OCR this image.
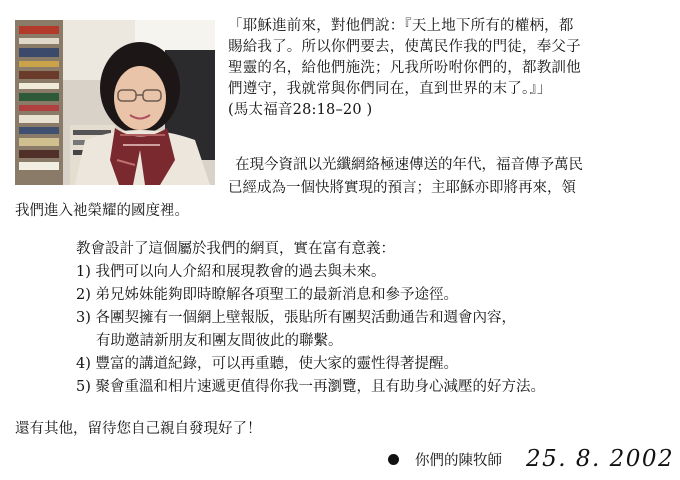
「耶穌進前來，對他們說：『天上地下所有的權柄，都
賜給我了。所以你們要去，使萬民作我的門徒，奉父子
聖靈的名，給他們施洗；凡我所吩咐你們的，都教訓他
們遵守，我就常與你們同在，直到世界的末了。』」
(馬太福音28:18–20 )
在現今資訊以光纖網絡極速傳送的年代，福音傳予萬民
已經成為一個快將實現的預言；主耶穌亦即將再來，領
我們進入祂榮耀的國度裡。
教會設計了這個屬於我們的網頁，實在富有意義：
1) 我們可以向人介紹和展現教會的過去與未來。
2) 弟兄姊妹能夠即時瞭解各項聖工的最新消息和參予途徑。
3) 各團契擁有一個網上壁報版，張貼所有團契活動通告和週會內容，
有助邀請新朋友和團友間彼此的聯繫。
4) 豐富的講道紀錄，可以再重聽，使大家的靈性得著提醒。
5) 聚會重溫和相片速遞更值得你我一再瀏覽，且有助身心減壓的好方法。
還有其他，留待您自己親自發現好了！
你們的陳牧師 25. 8. 2002
